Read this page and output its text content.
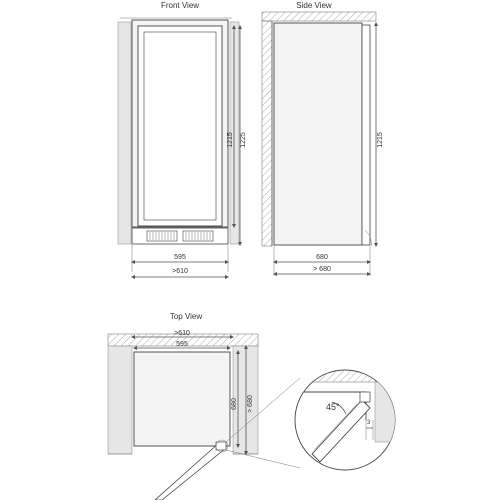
Front View
1215 1225
595
>610
Side View
1215
680
> 680
Top View
>610
595
680 > 680	45°
3
